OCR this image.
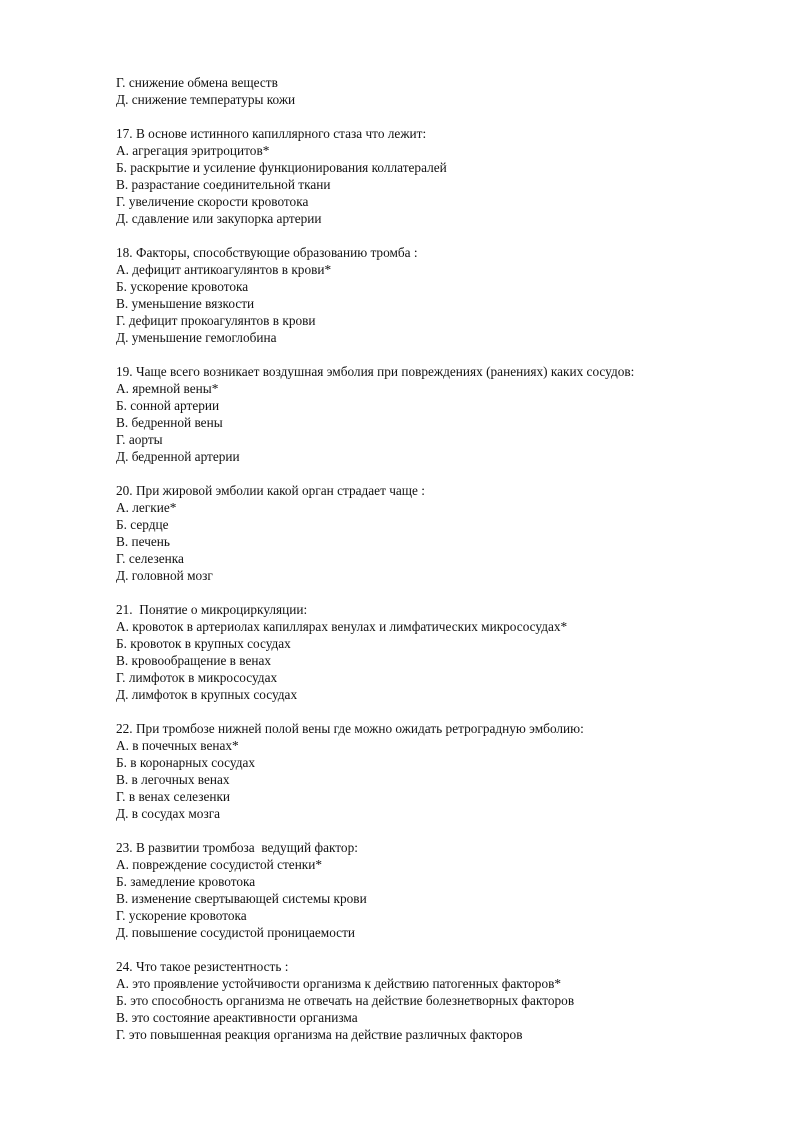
Г. снижение обмена веществ
Д. снижение температуры кожи
17. В основе истинного капиллярного стаза что лежит:
А. агрегация эритроцитов*
Б. раскрытие и усиление функционирования коллатералей
В. разрастание соединительной ткани
Г. увеличение скорости кровотока
Д. сдавление или закупорка артерии
18. Факторы, способствующие образованию тромба :
А. дефицит антикоагулянтов в крови*
Б. ускорение кровотока
В. уменьшение вязкости
Г. дефицит прокоагулянтов в крови
Д. уменьшение гемоглобина
19. Чаще всего возникает воздушная эмболия при повреждениях (ранениях) каких сосудов:
А. яремной вены*
Б. сонной артерии
В. бедренной вены
Г. аорты
Д. бедренной артерии
20. При жировой эмболии какой орган страдает чаще :
А. легкие*
Б. сердце
В. печень
Г. селезенка
Д. головной мозг
21.  Понятие о микроциркуляции:
А. кровоток в артериолах капиллярах венулах и лимфатических микрососудах*
Б. кровоток в крупных сосудах
В. кровообращение в венах
Г. лимфоток в микрососудах
Д. лимфоток в крупных сосудах
22. При тромбозе нижней полой вены где можно ожидать ретроградную эмболию:
А. в почечных венах*
Б. в коронарных сосудах
В. в легочных венах
Г. в венах селезенки
Д. в сосудах мозга
23. В развитии тромбоза  ведущий фактор:
А. повреждение сосудистой стенки*
Б. замедление кровотока
В. изменение свертывающей системы крови
Г. ускорение кровотока
Д. повышение сосудистой проницаемости
24. Что такое резистентность :
А. это проявление устойчивости организма к действию патогенных факторов*
Б. это способность организма не отвечать на действие болезнетворных факторов
В. это состояние ареактивности организма
Г. это повышенная реакция организма на действие различных факторов
